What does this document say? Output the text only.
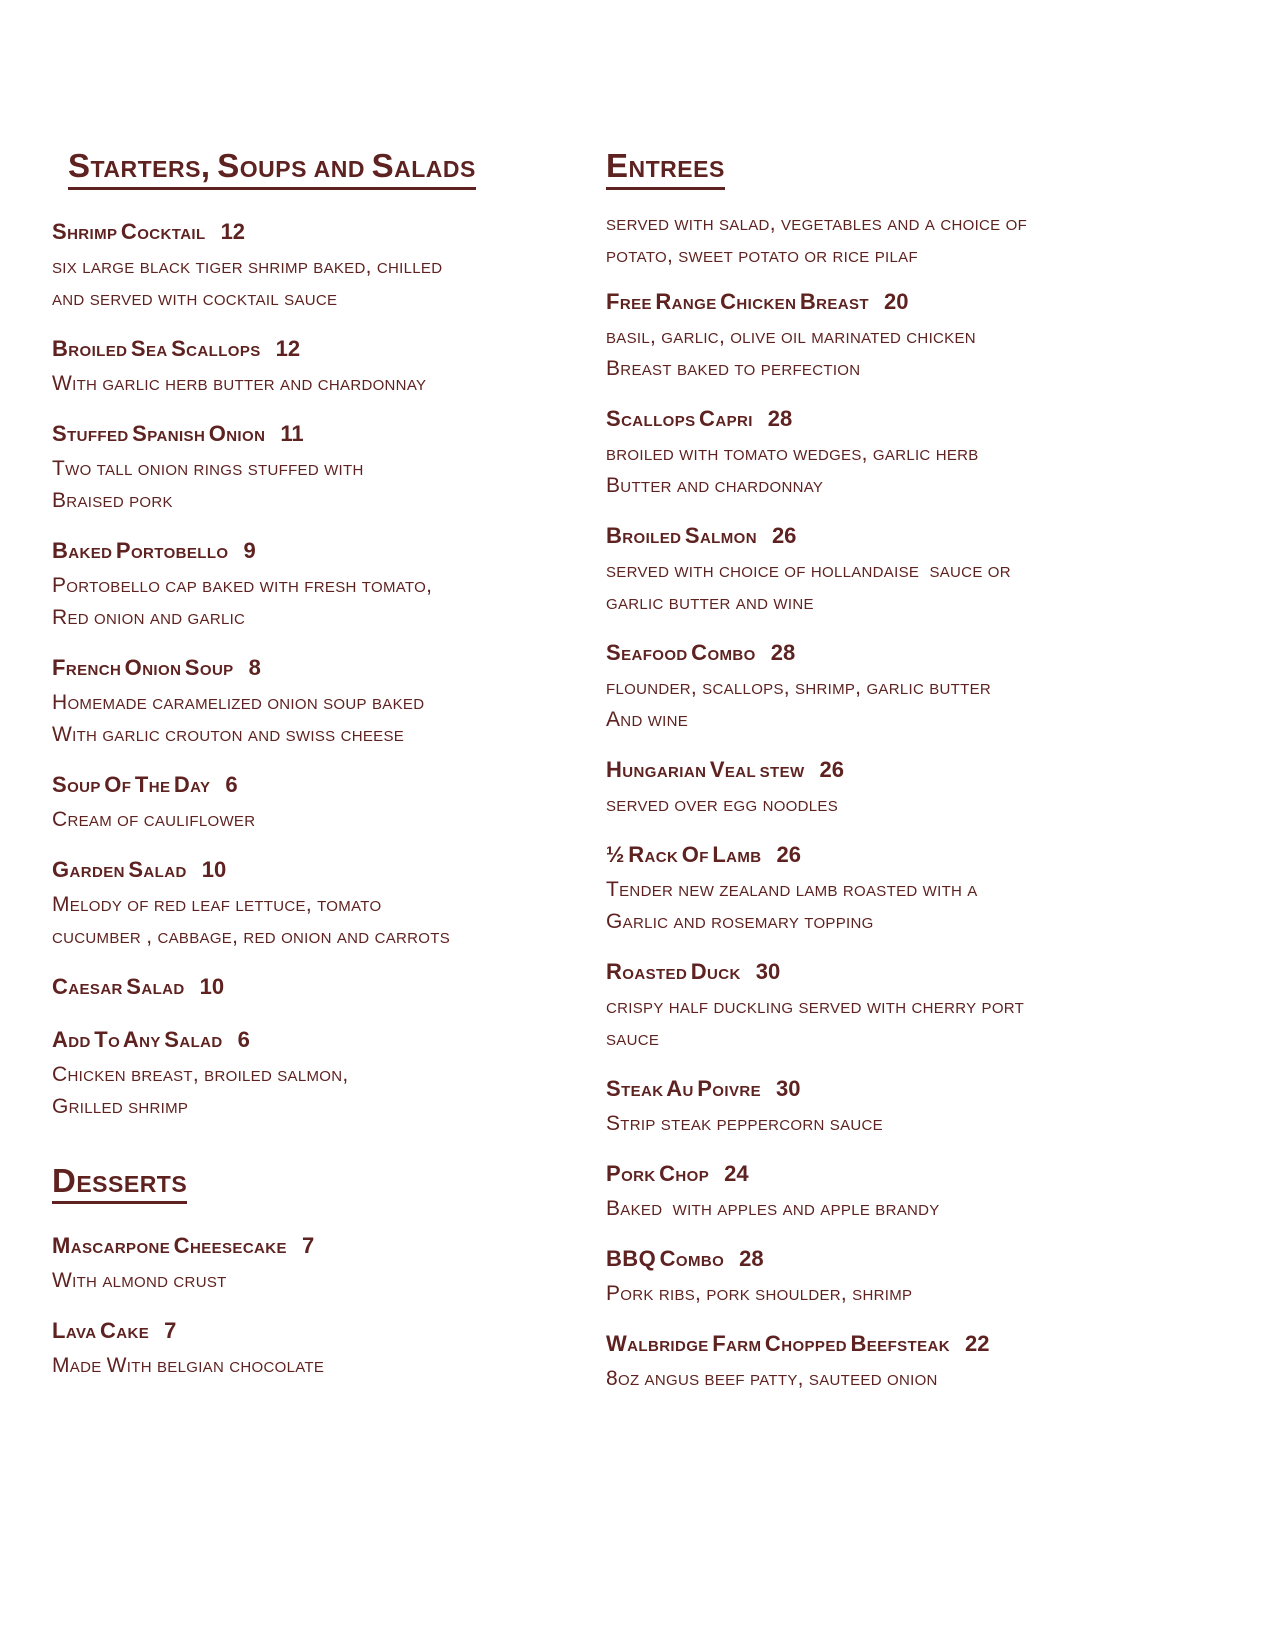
Starters, Soups and Salads
Shrimp Cocktail 12
six large black tiger shrimp baked, chilled
and served with cocktail sauce
Broiled Sea Scallops 12
With garlic herb butter and chardonnay
Stuffed Spanish Onion 11
Two tall onion rings stuffed with
Braised pork
Baked Portobello 9
Portobello cap baked with fresh tomato,
Red onion and garlic
French Onion Soup 8
Homemade caramelized onion soup baked
With garlic crouton and swiss cheese
Soup Of The Day 6
Cream of cauliflower
Garden Salad 10
Melody of red leaf lettuce, tomato
cucumber , cabbage, red onion and carrots
Caesar Salad 10
Add To Any Salad 6
Chicken breast, broiled salmon,
Grilled shrimp
Desserts
Mascarpone Cheesecake 7
With almond crust
Lava Cake 7
Made With belgian chocolate
Entrees
served with salad, vegetables and a choice of
potato, sweet potato or rice pilaf
Free Range Chicken Breast 20
basil, garlic, olive oil marinated chicken
Breast baked to perfection
Scallops Capri 28
broiled with tomato wedges, garlic herb
Butter and chardonnay
Broiled Salmon 26
served with choice of hollandaise  sauce or
garlic butter and wine
Seafood Combo 28
flounder, scallops, shrimp, garlic butter
And wine
Hungarian Veal stew 26
served over egg noodles
½ Rack Of Lamb 26
Tender new zealand lamb roasted with a
Garlic and rosemary topping
Roasted Duck 30
crispy half duckling served with cherry port
sauce
Steak Au Poivre 30
Strip steak peppercorn sauce
Pork Chop 24
Baked  with apples and apple brandy
BBQ Combo 28
Pork ribs, pork shoulder, shrimp
Walbridge Farm Chopped Beefsteak 22
8oz angus beef patty, sauteed onion
